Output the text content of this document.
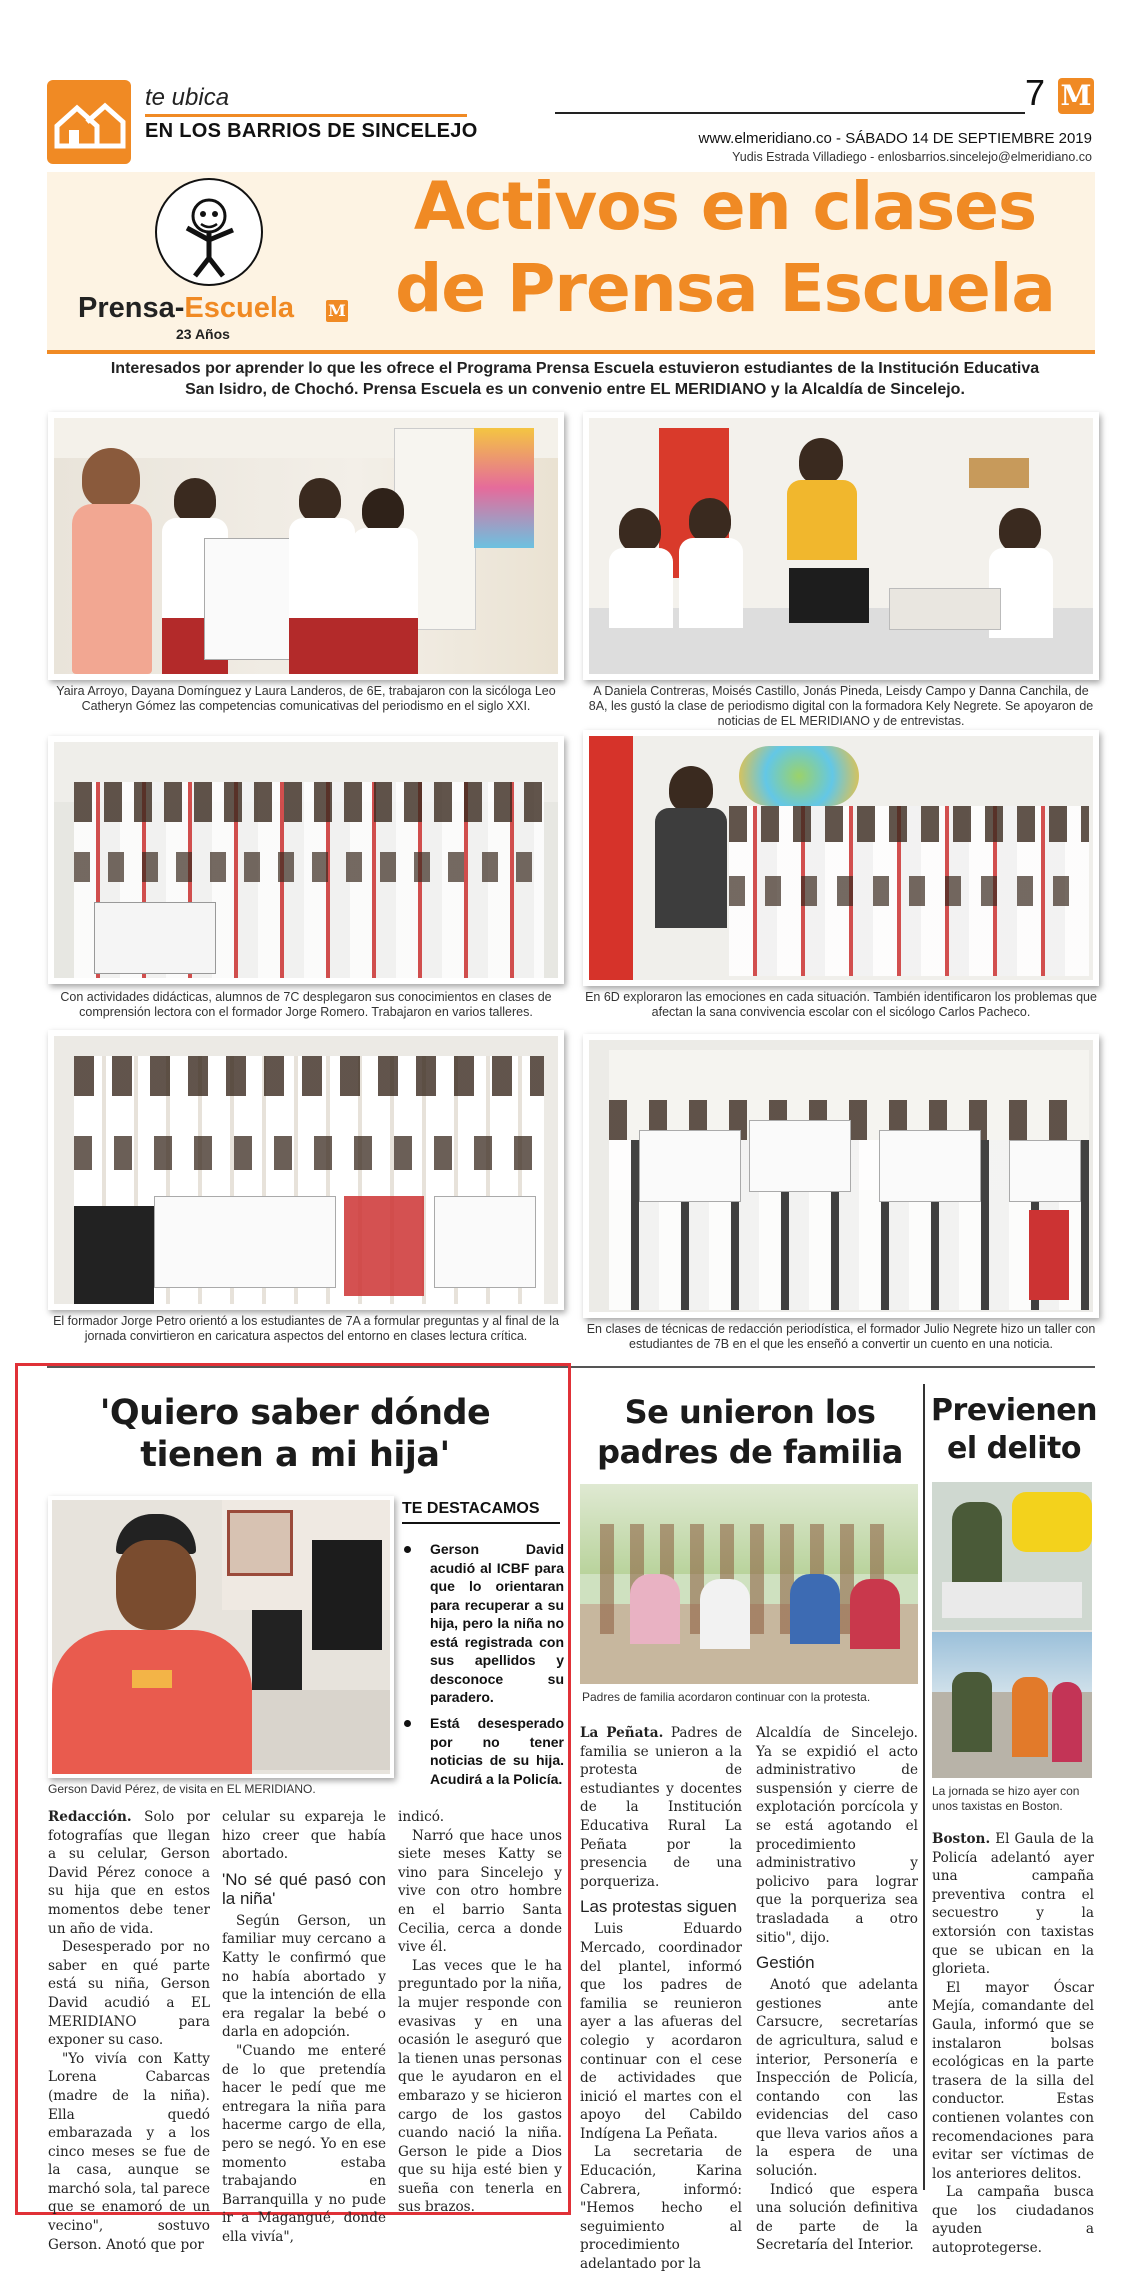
te ubica
EN LOS BARRIOS DE SINCELEJO
7 M
www.elmeridiano.co - SÁBADO 14 DE SEPTIEMBRE 2019
Yudis Estrada Villadiego - enlosbarrios.sincelejo@elmeridiano.co
Prensa-Escuela M
23 Años
Activos en clases
de Prensa Escuela
Interesados por aprender lo que les ofrece el Programa Prensa Escuela estuvieron estudiantes de la Institución Educativa San Isidro, de Chochó. Prensa Escuela es un convenio entre EL MERIDIANO y la Alcaldía de Sincelejo.
Yaira Arroyo, Dayana Domínguez y Laura Landeros, de 6E, trabajaron con la sicóloga Leo Catheryn Gómez las competencias comunicativas del periodismo en el siglo XXI.
A Daniela Contreras, Moisés Castillo, Jonás Pineda, Leisdy Campo y Danna Canchila, de 8A, les gustó la clase de periodismo digital con la formadora Kely Negrete. Se apoyaron de noticias de EL MERIDIANO y de entrevistas.
Con actividades didácticas, alumnos de 7C desplegaron sus conocimientos en clases de comprensión lectora con el formador Jorge Romero. Trabajaron en varios talleres.
En 6D exploraron las emociones en cada situación. También identificaron los problemas que afectan la sana convivencia escolar con el sicólogo Carlos Pacheco.
El formador Jorge Petro orientó a los estudiantes de 7A a formular preguntas y al final de la jornada convirtieron en caricatura aspectos del entorno en clases lectura crítica.	En clases de técnicas de redacción periodística, el formador Julio Negrete hizo un taller con estudiantes de 7B en el que les enseñó a convertir un cuento en una noticia.
'Quiero saber dónde tienen a mi hija'
Gerson David Pérez, de visita en EL MERIDIANO.
TE DESTACAMOS
Gerson David acudió al ICBF para que lo orientaran para recuperar a su hija, pero la niña no está registrada con sus apellidos y desconoce su paradero.
Está desesperado por no tener noticias de su hija. Acudirá a la Policía.

Redacción. Solo por fotografías que llegan a su celular, Gerson David Pérez conoce a su hija que en estos momentos debe tener un año de vida.

Desesperado por no saber en qué parte está su niña, Gerson David acudió a EL MERIDIANO para exponer su caso.

"Yo vivía con Katty Lorena Cabarcas (madre de la niña). Ella quedó embarazada y a los cinco meses se fue de la casa, aunque se marchó sola, tal parece que se enamoró de un vecino", sostuvo Gerson. Anotó que por

celular su expareja le hizo creer que había abortado.

'No sé qué pasó con la niña'

Según Gerson, un familiar muy cercano a Katty le confirmó que no había abortado y que la intención de ella era regalar la bebé o darla en adopción.

"Cuando me enteré de lo que pretendía hacer le pedí que me entregara la niña para hacerme cargo de ella, pero se negó. Yo en ese momento estaba trabajando en Barranquilla y no pude ir a Magangué, donde ella vivía",

indicó.

Narró que hace unos siete meses Katty se vino para Sincelejo y vive con otro hombre en el barrio Santa Cecilia, cerca a donde vive él.

Las veces que le ha preguntado por la niña, la mujer responde con evasivas y en una ocasión le aseguró que la tienen unas personas que le ayudaron en el embarazo y se hicieron cargo de los gastos cuando nació la niña. Gerson le pide a Dios que su hija esté bien y sueña con tenerla en sus brazos.

Se unieron los padres de familia
Padres de familia acordaron continuar con la protesta.

La Peñata. Padres de familia se unieron a la protesta de estudiantes y docentes de la Institución Educativa Rural La Peñata por la presencia de una porqueriza.

Las protestas siguen

Luis Eduardo Mercado, coordinador del plantel, informó que los padres de familia se reunieron ayer a las afueras del colegio y acordaron continuar con el cese de actividades que inició el martes con el apoyo del Cabildo Indígena La Peñata.

La secretaria de Educación, Karina Cabrera, informó: "Hemos hecho el seguimiento al procedimiento adelantado por la

Alcaldía de Sincelejo. Ya se expidió el acto administrativo de suspensión y cierre de explotación porcícola y se está agotando el procedimiento administrativo y policivo para lograr que la porqueriza sea trasladada a otro sitio", dijo.

Gestión

Anotó que adelanta gestiones ante Carsucre, secretarías de agricultura, salud e interior, Personería e Inspección de Policía, contando con las evidencias del caso que lleva varios años a la espera de una solución.

Indicó que espera una solución definitiva de parte de la Secretaría del Interior.

Previenen el delito
La jornada se hizo ayer con unos taxistas en Boston.

Boston. El Gaula de la Policía adelantó ayer una campaña preventiva contra el secuestro y la extorsión con taxistas que se ubican en la glorieta.

El mayor Óscar Mejía, comandante del Gaula, informó que se instalaron bolsas ecológicas en la parte trasera de la silla del conductor. Estas contienen volantes con recomendaciones para evitar ser víctimas de los anteriores delitos.

La campaña busca que los ciudadanos ayuden a autoprotegerse.
